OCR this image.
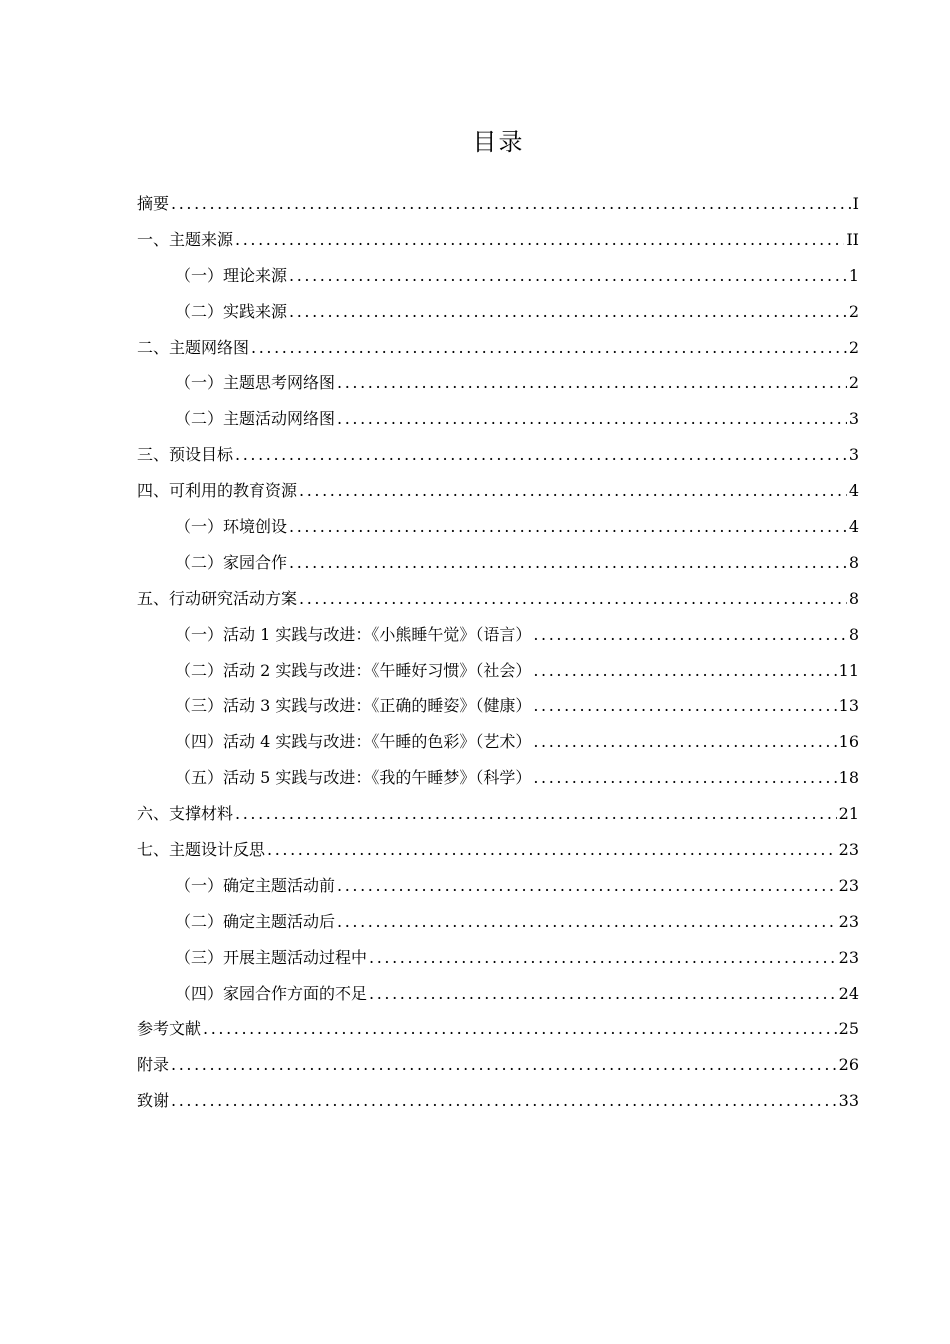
目录
摘要 .....	I
一、主题来源 .....	II
（一）理论来源 .....	1
（二）实践来源 .....	2
二、主题网络图 .....	2
（一）主题思考网络图 .....	2
（二）主题活动网络图 .....	3
三、预设目标 .....	3
四、可利用的教育资源 .....	4
（一）环境创设 .....	4
（二）家园合作 .....	8
五、行动研究活动方案 .....	8
（一）活动 1 实践与改进：《小熊睡午觉》（语言） .....	8
（二）活动 2 实践与改进：《午睡好习惯》（社会） .....	11
（三）活动 3 实践与改进：《正确的睡姿》（健康） .....	13
（四）活动 4 实践与改进：《午睡的色彩》（艺术） .....	16
（五）活动 5 实践与改进：《我的午睡梦》（科学） .....	18
六、支撑材料 .....	21
七、主题设计反思 .....	23
（一）确定主题活动前 .....	23
（二）确定主题活动后 .....	23
（三）开展主题活动过程中 .....	23
（四）家园合作方面的不足 .....	24
参考文献 .....	25
附录 .....	26
致谢 .....	33
